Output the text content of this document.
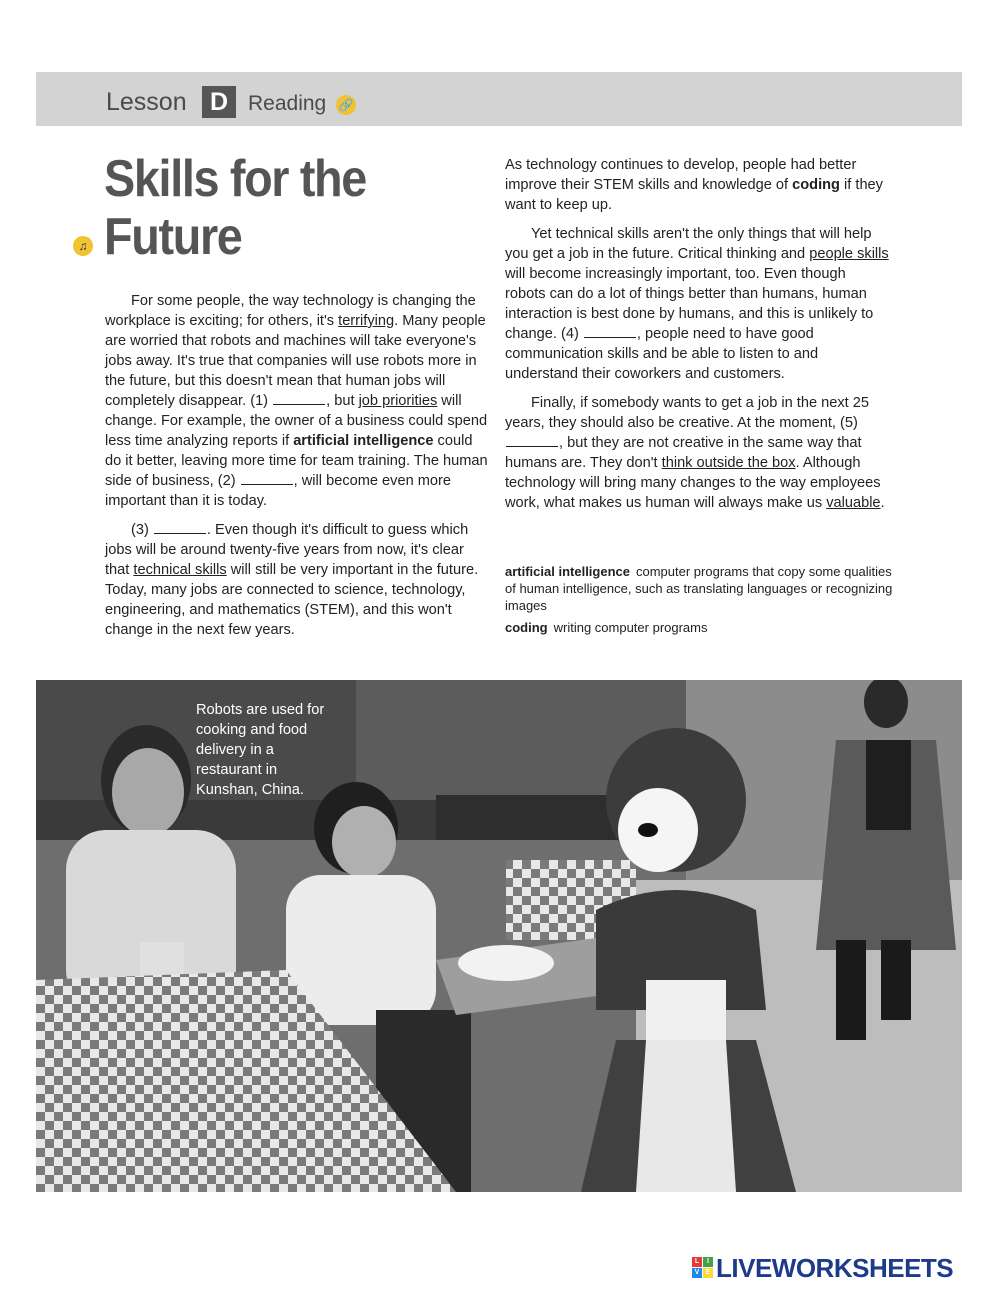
Lesson D Reading 🔗
♫
Skills for the Future

For some people, the way technology is changing the workplace is exciting; for others, it's terrifying. Many people are worried that robots and machines will take everyone's jobs away. It's true that companies will use robots more in the future, but this doesn't mean that human jobs will completely disappear. (1)	, but job priorities will change. For example, the owner of a business could spend less time analyzing reports if artificial intelligence could do it better, leaving more time for team training. The human side of business, (2)	, will become even more important than it is today.

(3)	. Even though it's difficult to guess which jobs will be around twenty-five years from now, it's clear that technical skills will still be very important in the future. Today, many jobs are connected to science, technology, engineering, and mathematics (STEM), and this won't change in the next few years.

As technology continues to develop, people had better improve their STEM skills and knowledge of coding if they want to keep up.

Yet technical skills aren't the only things that will help you get a job in the future. Critical thinking and people skills will become increasingly important, too. Even though robots can do a lot of things better than humans, human interaction is best done by humans, and this is unlikely to change. (4)	, people need to have good communication skills and be able to listen to and understand their coworkers and customers.

Finally, if somebody wants to get a job in the next 25 years, they should also be creative. At the moment, (5) , but they are not creative in the same way that humans are. They don't think outside the box. Although technology will bring many changes to the way employees work, what makes us human will always make us valuable.

artificial intelligence computer programs that copy some qualities of human intelligence, such as translating languages or recognizing images
coding writing computer programs
Robots are used for cooking and food delivery in a restaurant in Kunshan, China.
L	I
V E LIVEWORKSHEETS
